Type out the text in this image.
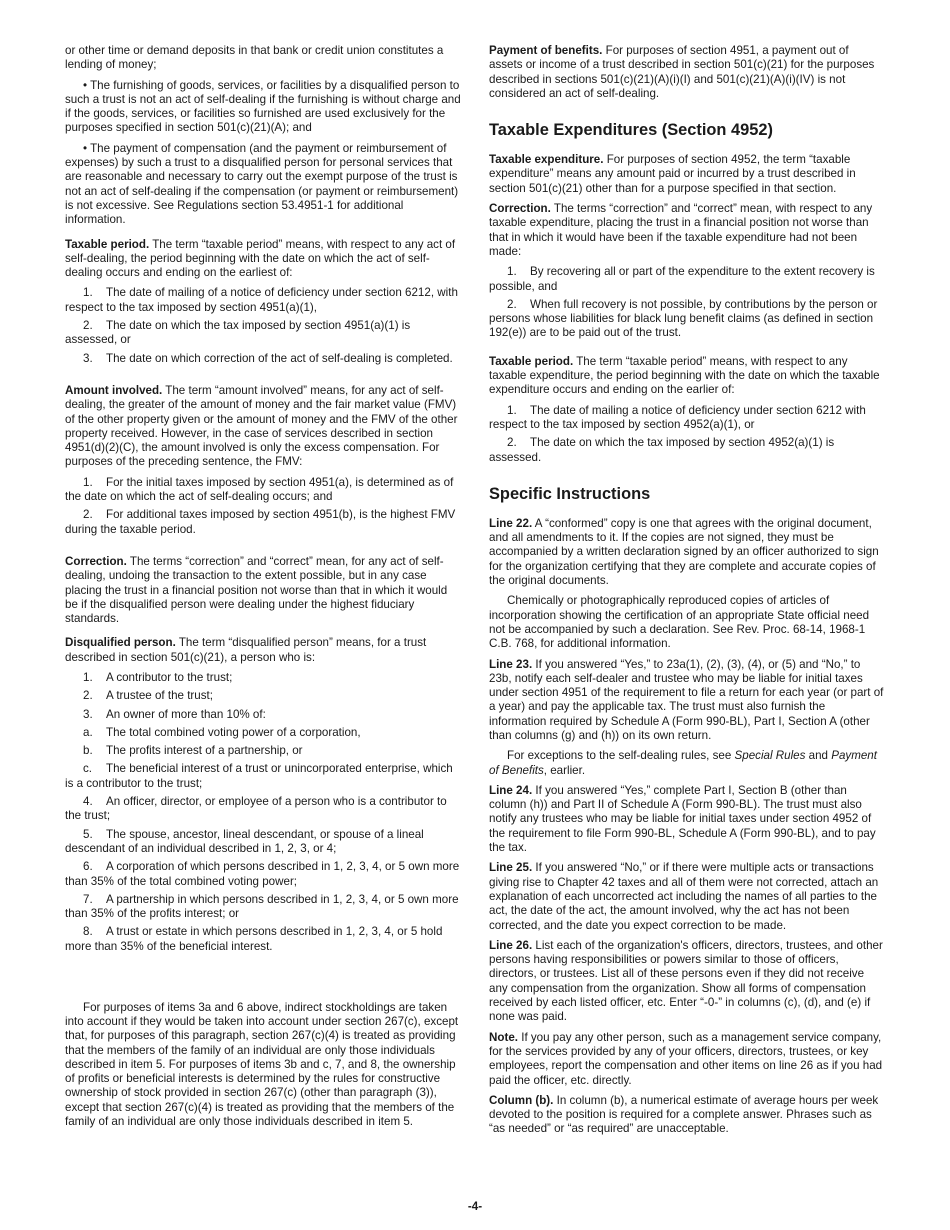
or other time or demand deposits in that bank or credit union constitutes a lending of money;

• The furnishing of goods, services, or facilities by a disqualified person to such a trust is not an act of self-dealing if the furnishing is without charge and if the goods, services, or facilities so furnished are used exclusively for the purposes specified in section 501(c)(21)(A); and

• The payment of compensation (and the payment or reimbursement of expenses) by such a trust to a disqualified person for personal services that are reasonable and necessary to carry out the exempt purpose of the trust is not an act of self-dealing if the compensation (or payment or reimbursement) is not excessive. See Regulations section 53.4951-1 for additional information.

Taxable period. The term “taxable period” means, with respect to any act of self-dealing, the period beginning with the date on which the act of self-dealing occurs and ending on the earliest of:

1. The date of mailing of a notice of deficiency under section 6212, with respect to the tax imposed by section 4951(a)(1),

2. The date on which the tax imposed by section 4951(a)(1) is assessed, or

3. The date on which correction of the act of self-dealing is completed.

Amount involved. The term “amount involved” means, for any act of self-dealing, the greater of the amount of money and the fair market value (FMV) of the other property given or the amount of money and the FMV of the other property received. However, in the case of services described in section 4951(d)(2)(C), the amount involved is only the excess compensation. For purposes of the preceding sentence, the FMV:

1. For the initial taxes imposed by section 4951(a), is determined as of the date on which the act of self-dealing occurs; and

2. For additional taxes imposed by section 4951(b), is the highest FMV during the taxable period.

Correction. The terms “correction” and “correct” mean, for any act of self-dealing, undoing the transaction to the extent possible, but in any case placing the trust in a financial position not worse than that in which it would be if the disqualified person were dealing under the highest fiduciary standards.

Disqualified person. The term “disqualified person” means, for a trust described in section 501(c)(21), a person who is:

1. A contributor to the trust;

2. A trustee of the trust;

3. An owner of more than 10% of:

a. The total combined voting power of a corporation,

b. The profits interest of a partnership, or

c. The beneficial interest of a trust or unincorporated enterprise, which is a contributor to the trust;

4. An officer, director, or employee of a person who is a contributor to the trust;

5. The spouse, ancestor, lineal descendant, or spouse of a lineal descendant of an individual described in 1, 2, 3, or 4;

6. A corporation of which persons described in 1, 2, 3, 4, or 5 own more than 35% of the total combined voting power;

7. A partnership in which persons described in 1, 2, 3, 4, or 5 own more than 35% of the profits interest; or

8. A trust or estate in which persons described in 1, 2, 3, 4, or 5 hold more than 35% of the beneficial interest.

For purposes of items 3a and 6 above, indirect stockholdings are taken into account if they would be taken into account under section 267(c), except that, for purposes of this paragraph, section 267(c)(4) is treated as providing that the members of the family of an individual are only those individuals described in item 5. For purposes of items 3b and c, 7, and 8, the ownership of profits or beneficial interests is determined by the rules for constructive ownership of stock provided in section 267(c) (other than paragraph (3)), except that section 267(c)(4) is treated as providing that the members of the family of an individual are only those individuals described in item 5.

Payment of benefits. For purposes of section 4951, a payment out of assets or income of a trust described in section 501(c)(21) for the purposes described in sections 501(c)(21)(A)(i)(I) and 501(c)(21)(A)(i)(IV) is not considered an act of self-dealing.

Taxable Expenditures (Section 4952)

Taxable expenditure. For purposes of section 4952, the term “taxable expenditure” means any amount paid or incurred by a trust described in section 501(c)(21) other than for a purpose specified in that section.

Correction. The terms “correction” and “correct” mean, with respect to any taxable expenditure, placing the trust in a financial position not worse than that in which it would have been if the taxable expenditure had not been made:

1. By recovering all or part of the expenditure to the extent recovery is possible, and

2. When full recovery is not possible, by contributions by the person or persons whose liabilities for black lung benefit claims (as defined in section 192(e)) are to be paid out of the trust.

Taxable period. The term “taxable period” means, with respect to any taxable expenditure, the period beginning with the date on which the taxable expenditure occurs and ending on the earlier of:

1. The date of mailing a notice of deficiency under section 6212 with respect to the tax imposed by section 4952(a)(1), or

2. The date on which the tax imposed by section 4952(a)(1) is assessed.

Specific Instructions

Line 22. A “conformed” copy is one that agrees with the original document, and all amendments to it. If the copies are not signed, they must be accompanied by a written declaration signed by an officer authorized to sign for the organization certifying that they are complete and accurate copies of the original documents.

Chemically or photographically reproduced copies of articles of incorporation showing the certification of an appropriate State official need not be accompanied by such a declaration. See Rev. Proc. 68-14, 1968-1 C.B. 768, for additional information.

Line 23. If you answered “Yes,” to 23a(1), (2), (3), (4), or (5) and “No,” to 23b, notify each self-dealer and trustee who may be liable for initial taxes under section 4951 of the requirement to file a return for each year (or part of a year) and pay the applicable tax. The trust must also furnish the information required by Schedule A (Form 990-BL), Part I, Section A (other than columns (g) and (h)) on its own return.

For exceptions to the self-dealing rules, see Special Rules and Payment of Benefits, earlier.

Line 24. If you answered “Yes,” complete Part I, Section B (other than column (h)) and Part II of Schedule A (Form 990-BL). The trust must also notify any trustees who may be liable for initial taxes under section 4952 of the requirement to file Form 990-BL, Schedule A (Form 990-BL), and to pay the tax.

Line 25. If you answered “No,” or if there were multiple acts or transactions giving rise to Chapter 42 taxes and all of them were not corrected, attach an explanation of each uncorrected act including the names of all parties to the act, the date of the act, the amount involved, why the act has not been corrected, and the date you expect correction to be made.

Line 26. List each of the organization's officers, directors, trustees, and other persons having responsibilities or powers similar to those of officers, directors, or trustees. List all of these persons even if they did not receive any compensation from the organization. Show all forms of compensation received by each listed officer, etc. Enter “-0-” in columns (c), (d), and (e) if none was paid.

Note. If you pay any other person, such as a management service company, for the services provided by any of your officers, directors, trustees, or key employees, report the compensation and other items on line 26 as if you had paid the officer, etc. directly.

Column (b). In column (b), a numerical estimate of average hours per week devoted to the position is required for a complete answer. Phrases such as “as needed” or “as required” are unacceptable.

-4-
